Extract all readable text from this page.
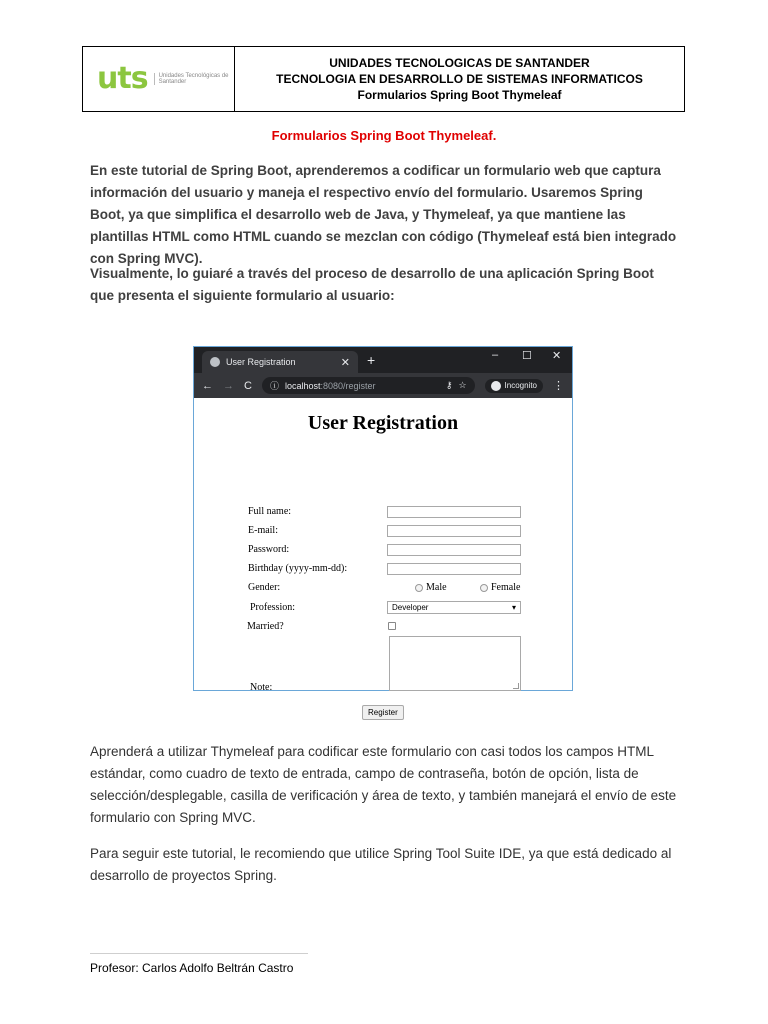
uts	Unidades Tecnológicas de Santander
UNIDADES TECNOLOGICAS DE SANTANDER
TECNOLOGIA EN DESARROLLO DE SISTEMAS INFORMATICOS
Formularios Spring Boot Thymeleaf
Formularios Spring Boot Thymeleaf.
En este tutorial de Spring Boot, aprenderemos a codificar un formulario web que captura información del usuario y maneja el respectivo envío del formulario. Usaremos Spring Boot, ya que simplifica el desarrollo web de Java, y Thymeleaf, ya que mantiene las plantillas HTML como HTML cuando se mezclan con código (Thymeleaf está bien integrado con Spring MVC).
Visualmente, lo guiaré a través del proceso de desarrollo de una aplicación Spring Boot que presenta el siguiente formulario al usuario:
User Registration	✕ +	– ☐ ✕
← → C ⓘ localhost:8080/register	⚷ ☆	Incognito ⋮
User Registration
Full name:
E-mail:
Password:
Birthday (yyyy-mm-dd):
Gender:	Male	Female
Profession:	Developer	▾
Married?
Note:
Register
Aprenderá a utilizar Thymeleaf para codificar este formulario con casi todos los campos HTML estándar, como cuadro de texto de entrada, campo de contraseña, botón de opción, lista de selección/desplegable, casilla de verificación y área de texto, y también manejará el envío de este formulario con Spring MVC.
Para seguir este tutorial, le recomiendo que utilice Spring Tool Suite IDE, ya que está dedicado al desarrollo de proyectos Spring.
Profesor: Carlos Adolfo Beltrán Castro
